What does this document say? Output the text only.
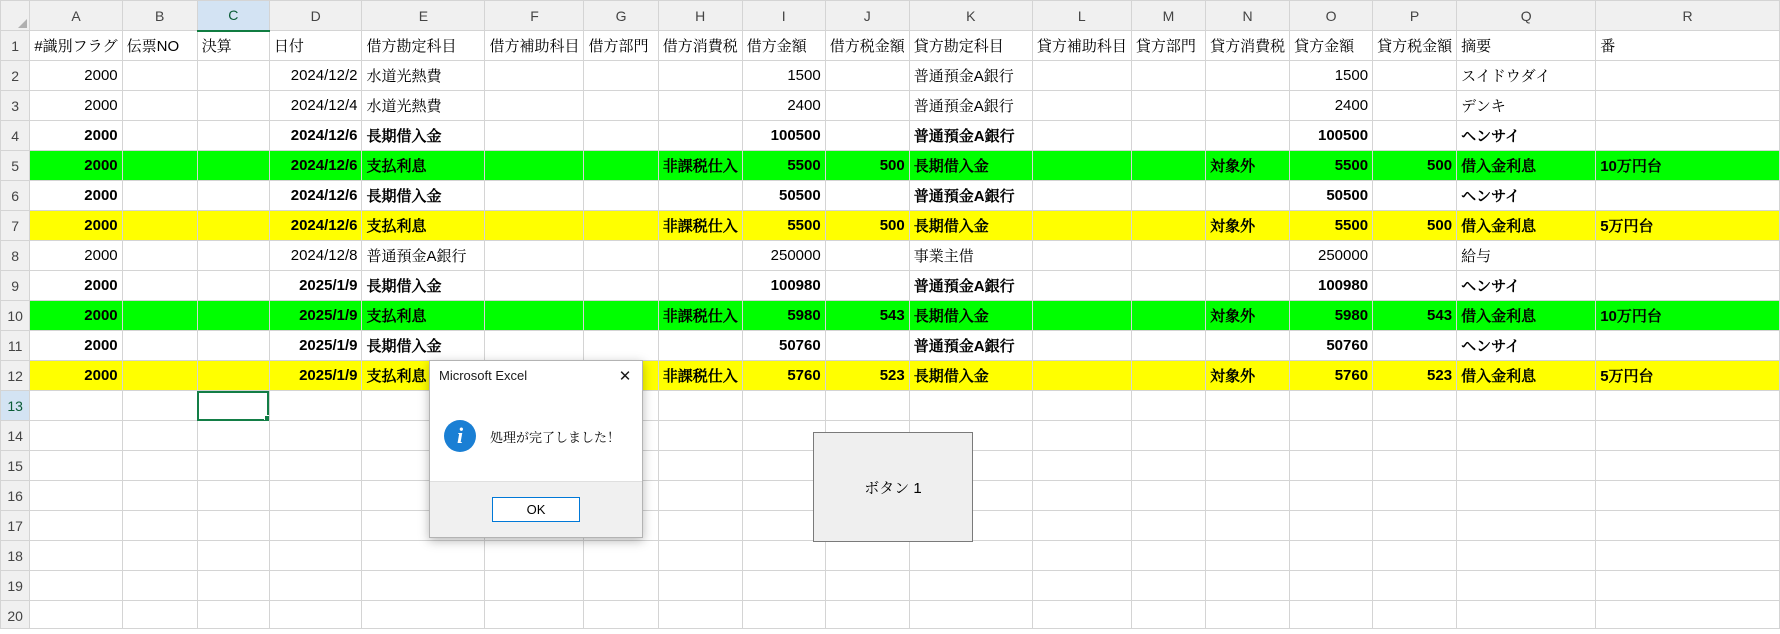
	A	B	C	D	E	F	G	H	I	J	K	L	M	N	O	P	Q	R
1	#識別フラグ	伝票NO	決算	日付	借方勘定科目	借方補助科目	借方部門	借方消費税	借方金額	借方税金額	貸方勘定科目	貸方補助科目	貸方部門	貸方消費税	貸方金額	貸方税金額	摘要	番
2	2000			2024/12/2	水道光熱費				1500		普通預金A銀行				1500		スイドウダイ	
3	2000			2024/12/4	水道光熱費				2400		普通預金A銀行				2400		デンキ	
4	2000			2024/12/6	長期借入金				100500		普通預金A銀行				100500		ヘンサイ	
5	2000			2024/12/6	支払利息			非課税仕入	5500	500	長期借入金			対象外	5500	500	借入金利息	10万円台
6	2000			2024/12/6	長期借入金				50500		普通預金A銀行				50500		ヘンサイ	
7	2000			2024/12/6	支払利息			非課税仕入	5500	500	長期借入金			対象外	5500	500	借入金利息	5万円台
8	2000			2024/12/8	普通預金A銀行				250000		事業主借				250000		給与	
9	2000			2025/1/9	長期借入金				100980		普通預金A銀行				100980		ヘンサイ	
10	2000			2025/1/9	支払利息			非課税仕入	5980	543	長期借入金			対象外	5980	543	借入金利息	10万円台
11	2000			2025/1/9	長期借入金				50760		普通預金A銀行				50760		ヘンサイ	
12	2000			2025/1/9	支払利息			非課税仕入	5760	523	長期借入金			対象外	5760	523	借入金利息	5万円台
13																		
14																		
15																		
16																		
17																		
18																		
19																		
20																		
ボタン 1
Microsoft Excel	✕
i	処理が完了しました！
OK
